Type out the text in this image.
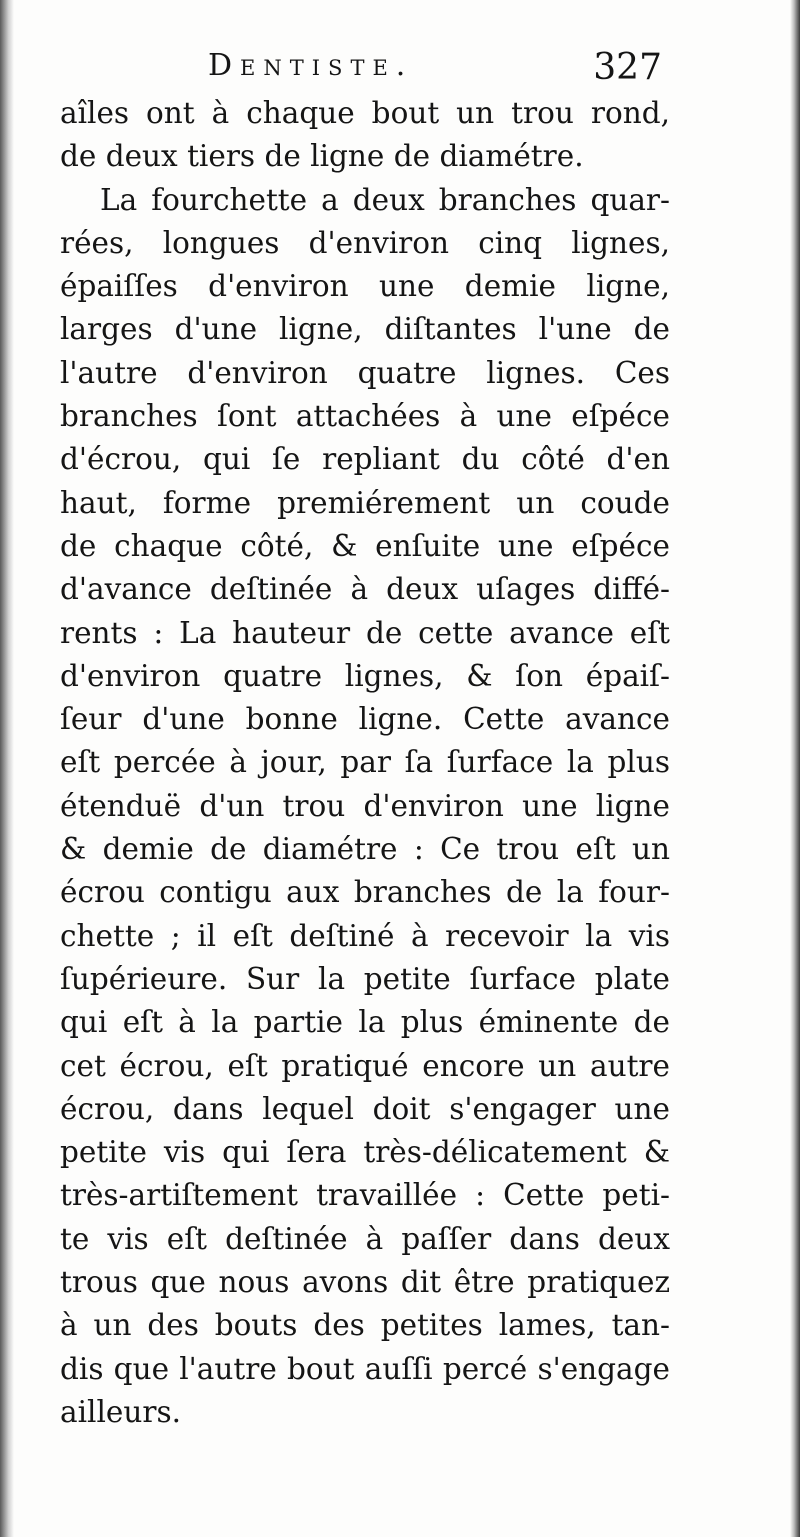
Dentiste.	327
aîles ont à chaque bout un trou rond,
de deux tiers de ligne de diamétre.
La fourchette a deux branches quar-
rées, longues d'environ cinq lignes,
épaiſſes d'environ une demie ligne,
larges d'une ligne, diſtantes l'une de
l'autre d'environ quatre lignes. Ces
branches ſont attachées à une eſpéce
d'écrou, qui ſe repliant du côté d'en
haut, forme premiérement un coude
de chaque côté, & enſuite une eſpéce
d'avance deſtinée à deux uſages diffé-
rents : La hauteur de cette avance eſt
d'environ quatre lignes, & ſon épaiſ-
ſeur d'une bonne ligne. Cette avance
eſt percée à jour, par ſa ſurface la plus
étenduë d'un trou d'environ une ligne
& demie de diamétre : Ce trou eſt un
écrou contigu aux branches de la four-
chette ; il eſt deſtiné à recevoir la vis
ſupérieure. Sur la petite ſurface plate
qui eſt à la partie la plus éminente de
cet écrou, eſt pratiqué encore un autre
écrou, dans lequel doit s'engager une
petite vis qui ſera très-délicatement &
très-artiſtement travaillée : Cette peti-
te vis eſt deſtinée à paſſer dans deux
trous que nous avons dit être pratiquez
à un des bouts des petites lames, tan-
dis que l'autre bout auſſi percé s'engage
ailleurs.
